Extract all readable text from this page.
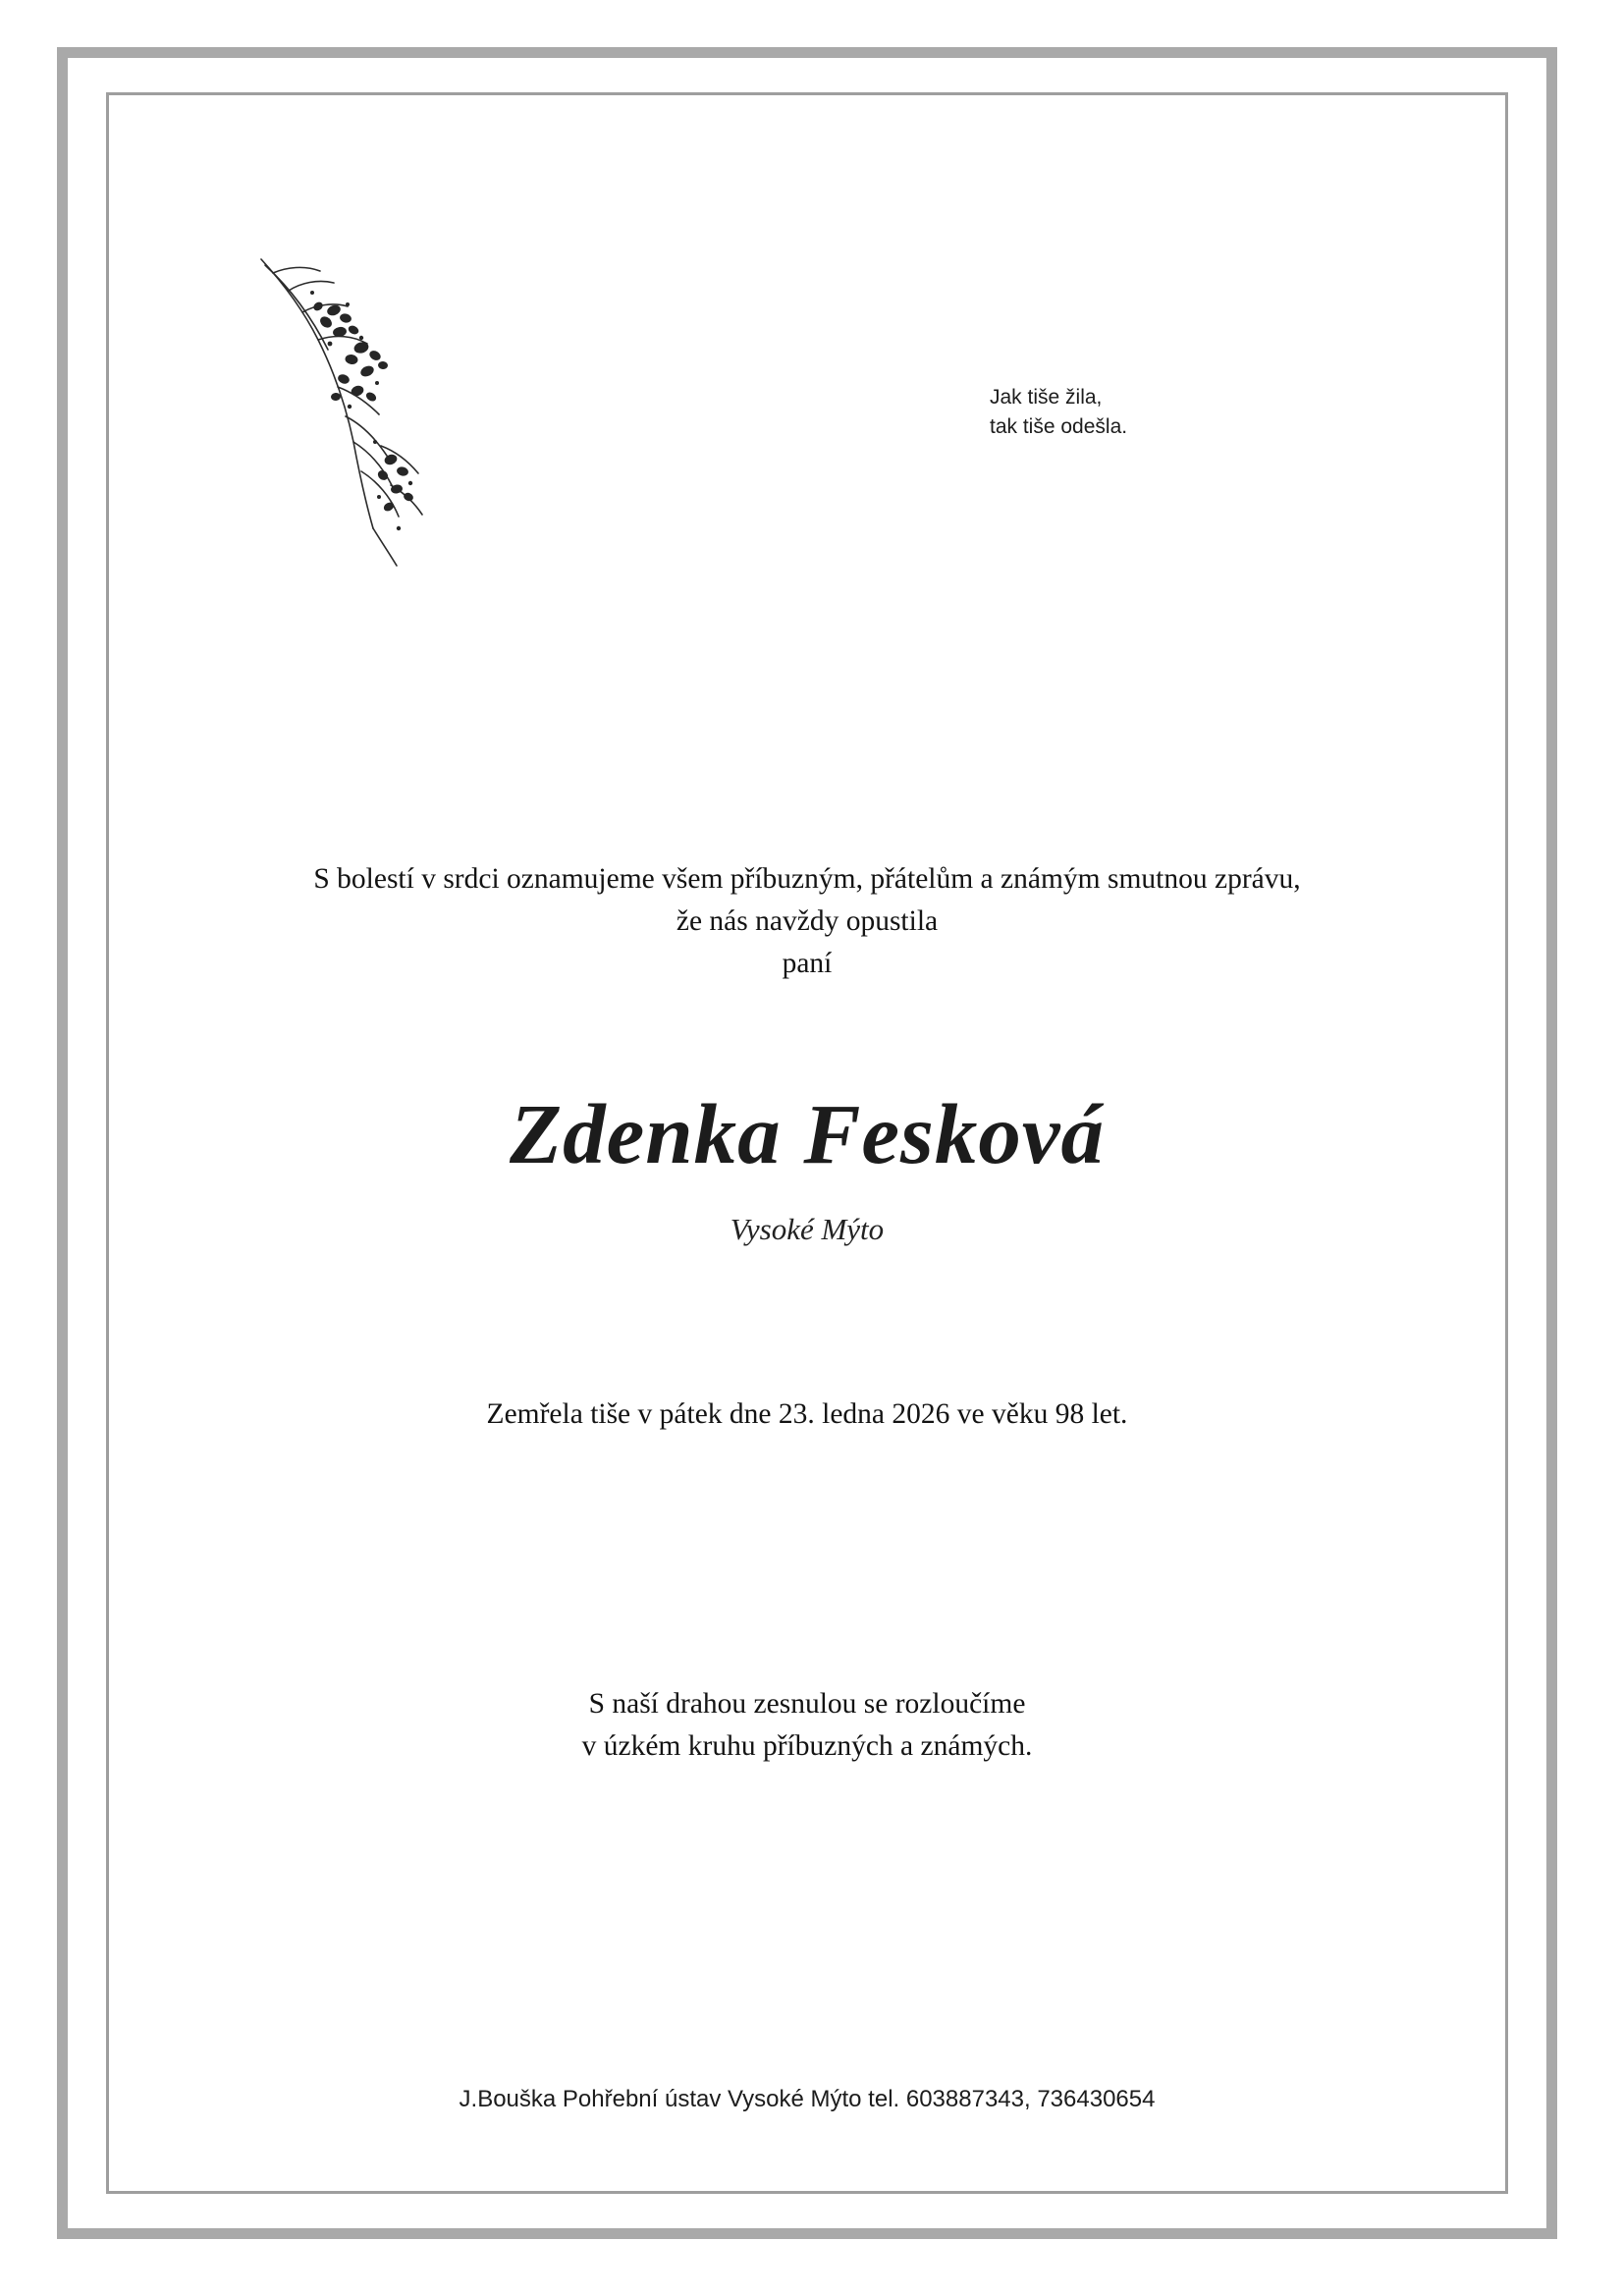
Jak tiše žila,
tak tiše odešla.
S bolestí v srdci oznamujeme všem příbuzným, přátelům a známým smutnou zprávu,
že nás navždy opustila
paní
Zdenka Fesková
Vysoké Mýto
Zemřela tiše v pátek dne 23. ledna 2026 ve věku 98 let.
S naší drahou zesnulou se rozloučíme
v úzkém kruhu příbuzných a známých.
J.Bouška Pohřební ústav Vysoké Mýto tel. 603887343, 736430654
